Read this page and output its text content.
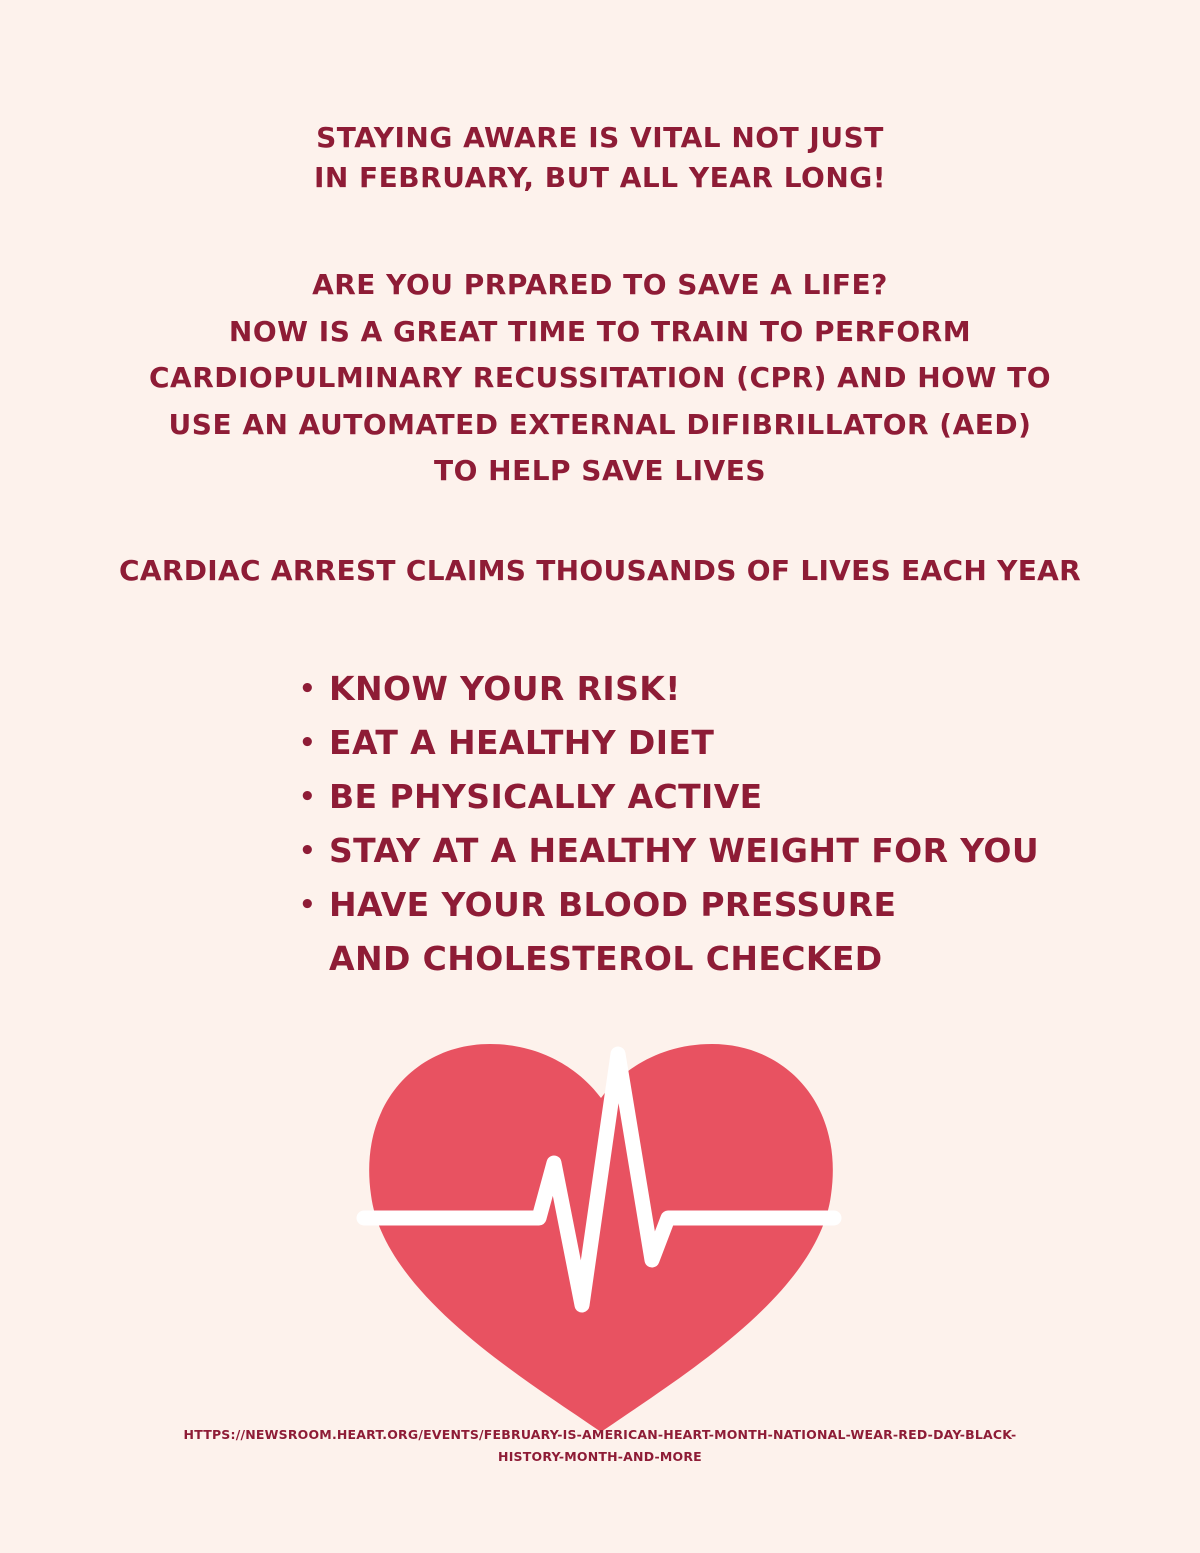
STAYING AWARE IS VITAL NOT JUST
IN FEBRUARY, BUT ALL YEAR LONG!
ARE YOU PRPARED TO SAVE A LIFE?
NOW IS A GREAT TIME TO TRAIN TO PERFORM
CARDIOPULMINARY RECUSSITATION (CPR) AND HOW TO
USE AN AUTOMATED EXTERNAL DIFIBRILLATOR (AED)
TO HELP SAVE LIVES
CARDIAC ARREST CLAIMS THOUSANDS OF LIVES EACH YEAR
• KNOW YOUR RISK!
• EAT A HEALTHY DIET
• BE PHYSICALLY ACTIVE
• STAY AT A HEALTHY WEIGHT FOR YOU
• HAVE YOUR BLOOD PRESSURE
AND CHOLESTEROL CHECKED
HTTPS://NEWSROOM.HEART.ORG/EVENTS/FEBRUARY-IS-AMERICAN-HEART-MONTH-NATIONAL-WEAR-RED-DAY-BLACK-
HISTORY-MONTH-AND-MORE
